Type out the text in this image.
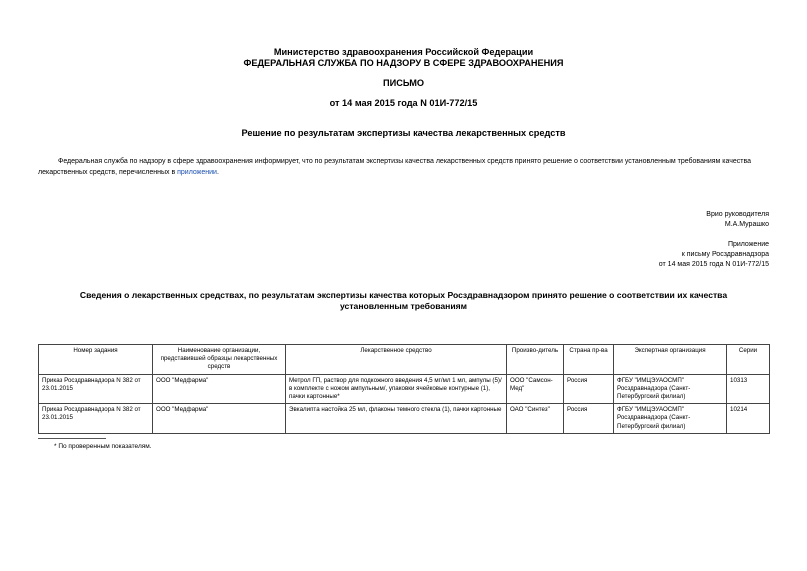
Министерство здравоохранения Российской Федерации
ФЕДЕРАЛЬНАЯ СЛУЖБА ПО НАДЗОРУ В СФЕРЕ ЗДРАВООХРАНЕНИЯ
ПИСЬМО
от 14 мая 2015 года N 01И-772/15
Решение по результатам экспертизы качества лекарственных средств
Федеральная служба по надзору в сфере здравоохранения информирует, что по результатам экспертизы качества лекарственных средств принято решение о соответствии установленным требованиям качества лекарственных средств, перечисленных в приложении.
Врио руководителя
М.А.Мурашко
Приложение
к письму Росздравнадзора
от 14 мая 2015 года N 01И-772/15
Сведения о лекарственных средствах, по результатам экспертизы качества которых Росздравнадзором принято решение о соответствии их качества установленным требованиям
Номер задания	Наименование организации, представившей образцы лекарственных средств	Лекарственное средство	Произво-дитель	Страна пр-ва	Экспертная организация	Серии
Приказ Росздравнадзора N 382 от 23.01.2015	ООО "Медфарма"	Метрол ГП, раствор для подкожного введения 4,5 мг/мл 1 мл, ампулы (5)/в комплекте с ножом ампульным/, упаковки ячейковые контурные (1), пачки картонные*	ООО "Самсон-Мед"	Россия	ФГБУ "ИМЦЭУАОСМП" Росздравнадзора (Санкт-Петербургский филиал)	10313
Приказ Росздравнадзора N 382 от 23.01.2015	ООО "Медфарма"	Эвкалипта настойка 25 мл, флаконы темного стекла (1), пачки картонные	ОАО "Синтез"	Россия	ФГБУ "ИМЦЭУАОСМП" Росздравнадзора (Санкт-Петербургский филиал)	10214
* По проверенным показателям.
